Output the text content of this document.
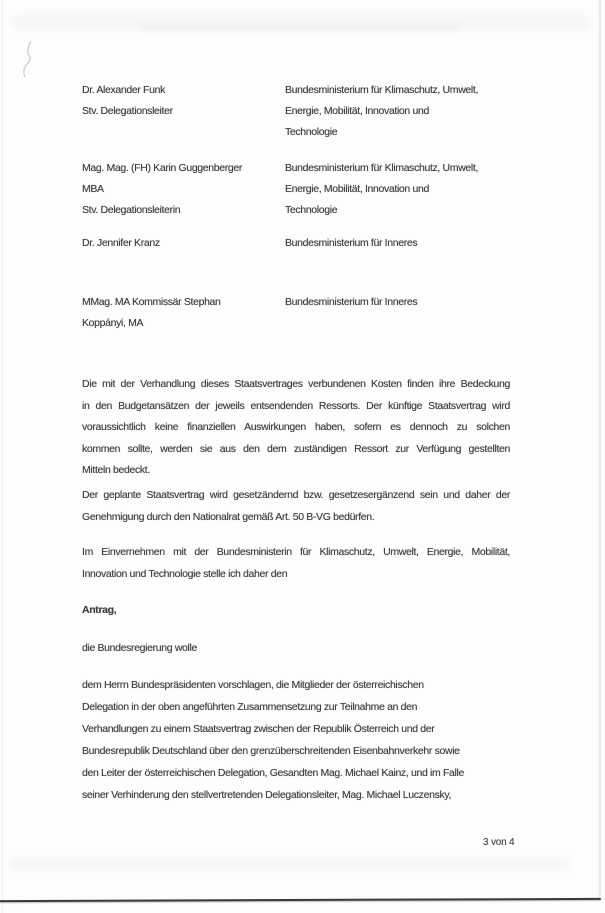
Dr. Alexander Funk
Stv. Delegationsleiter
Bundesministerium für Klimaschutz, Umwelt,
Energie, Mobilität, Innovation und
Technologie
Mag. Mag. (FH) Karin Guggenberger
MBA
Stv. Delegationsleiterin
Bundesministerium für Klimaschutz, Umwelt,
Energie, Mobilität, Innovation und
Technologie
Dr. Jennifer Kranz	Bundesministerium für Inneres
MMag. MA Kommissär Stephan
Koppányi, MA
Bundesministerium für Inneres
Die mit der Verhandlung dieses Staatsvertrages verbundenen Kosten finden ihre Bedeckung
in den Budgetansätzen der jeweils entsendenden Ressorts. Der künftige Staatsvertrag wird
voraussichtlich keine finanziellen Auswirkungen haben, sofern es dennoch zu solchen
kommen sollte, werden sie aus den dem zuständigen Ressort zur Verfügung gestellten
Mitteln bedeckt.
Der geplante Staatsvertrag wird gesetzändernd bzw. gesetzesergänzend sein und daher der
Genehmigung durch den Nationalrat gemäß Art. 50 B-VG bedürfen.
Im Einvernehmen mit der Bundesministerin für Klimaschutz, Umwelt, Energie, Mobilität,
Innovation und Technologie stelle ich daher den
Antrag,
die Bundesregierung wolle
dem Herrn Bundespräsidenten vorschlagen, die Mitglieder der österreichischen
Delegation in der oben angeführten Zusammensetzung zur Teilnahme an den
Verhandlungen zu einem Staatsvertrag zwischen der Republik Österreich und der
Bundesrepublik Deutschland über den grenzüberschreitenden Eisenbahnverkehr sowie
den Leiter der österreichischen Delegation, Gesandten Mag. Michael Kainz, und im Falle
seiner Verhinderung den stellvertretenden Delegationsleiter, Mag. Michael Luczensky,
3 von 4
